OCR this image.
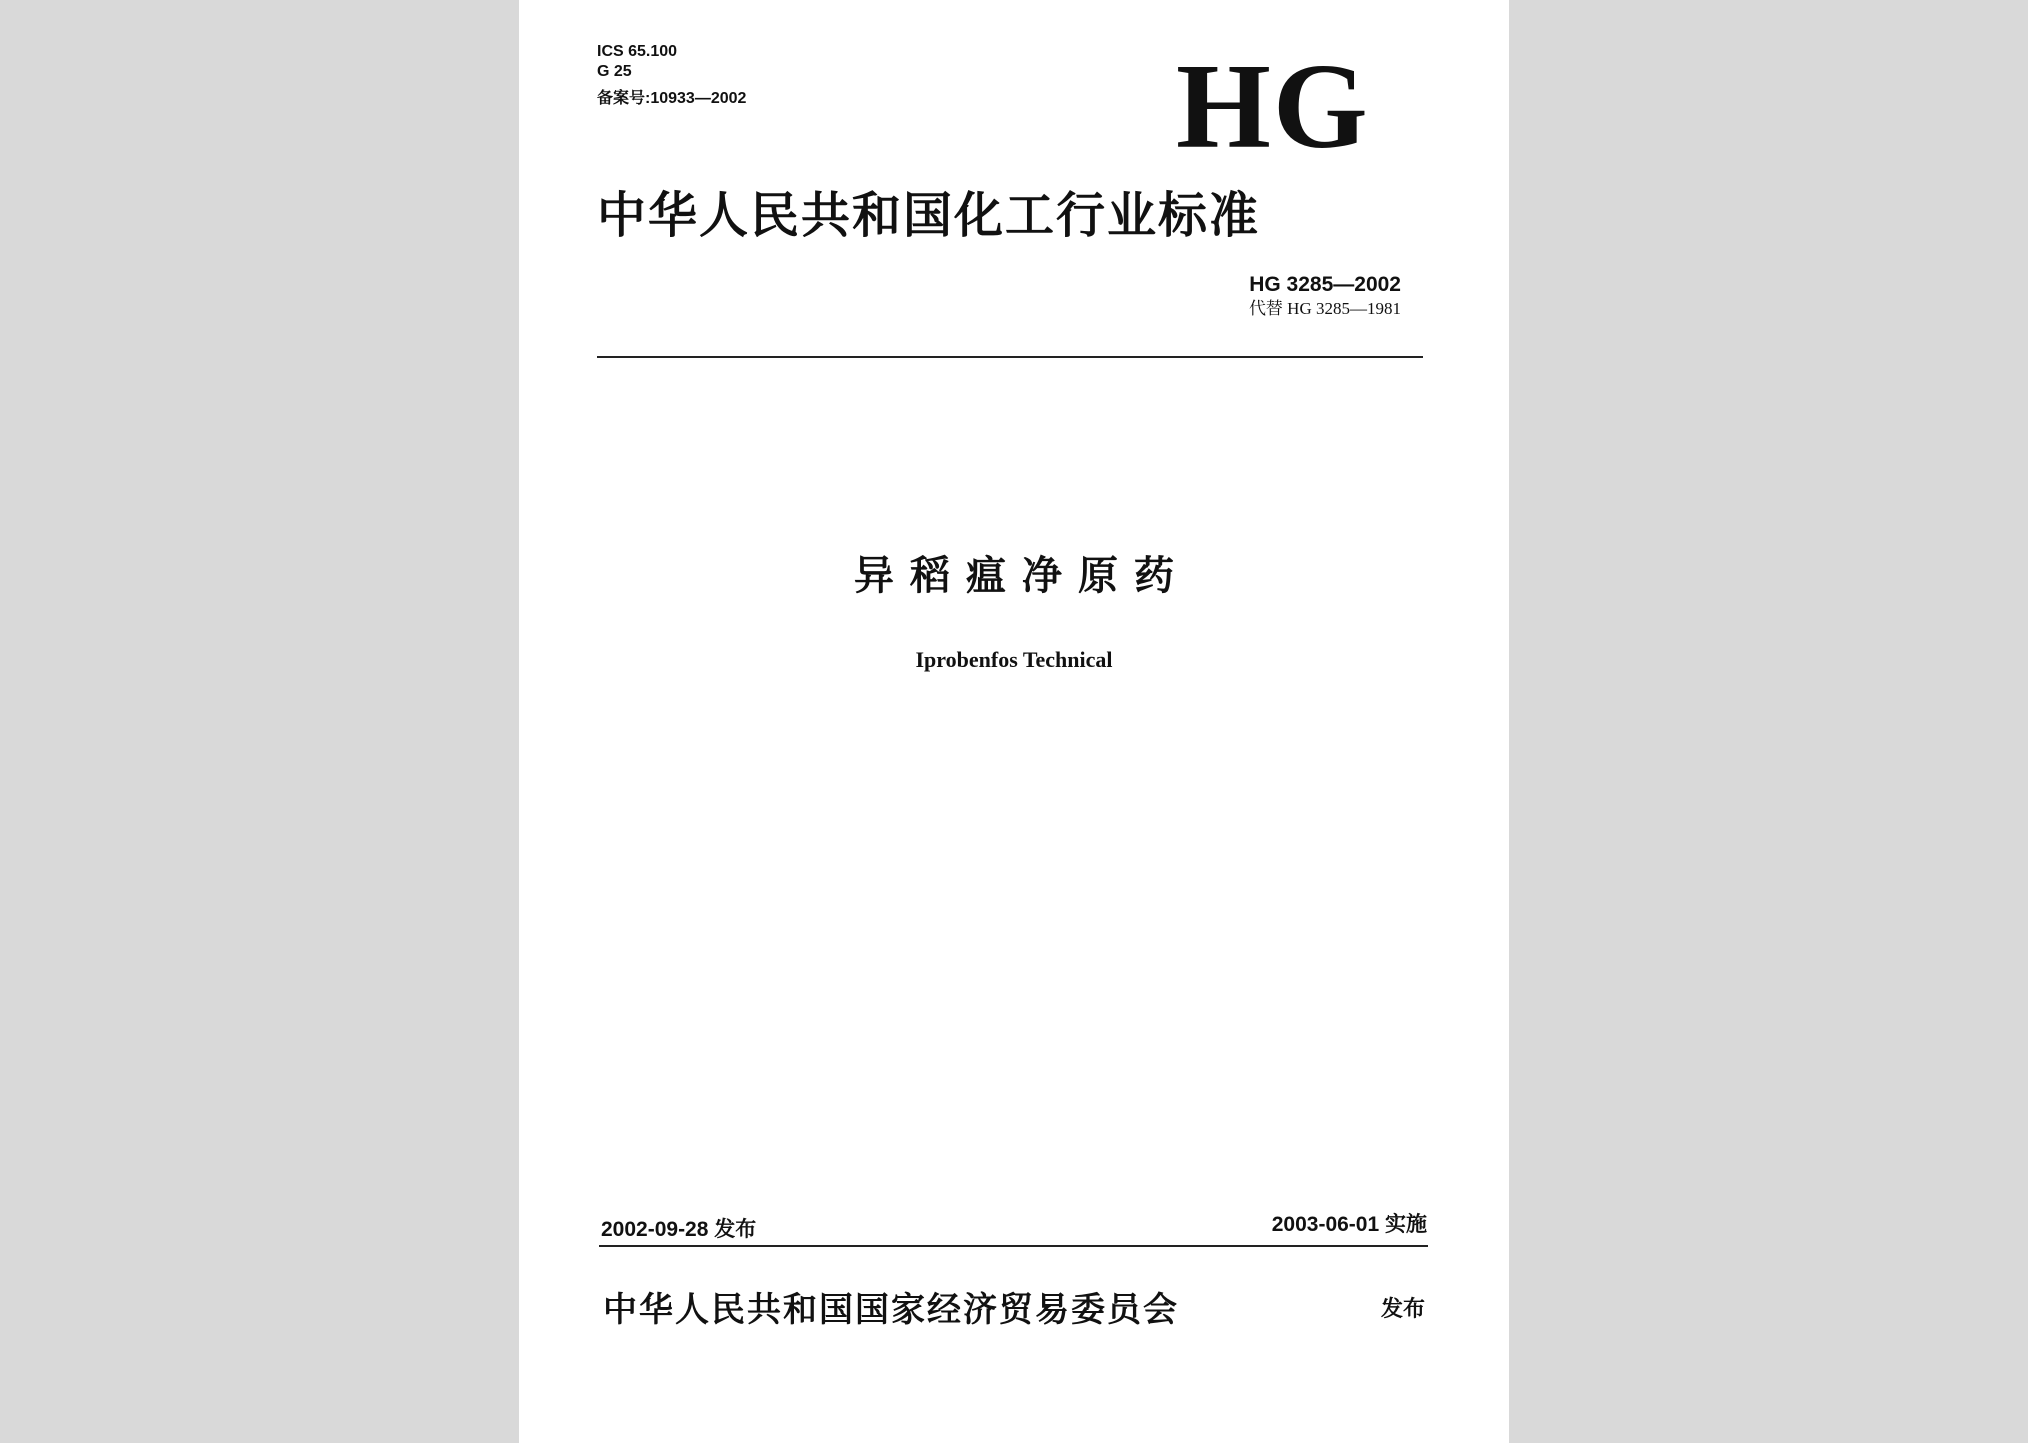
ICS 65.100
G 25
备案号:10933—2002	HG
中华人民共和国化工行业标准
HG 3285—2002
代替 HG 3285—1981
异稻瘟净原药
Iprobenfos Technical
2002-09-28 发布	2003-06-01 实施
中华人民共和国国家经济贸易委员会	发布
